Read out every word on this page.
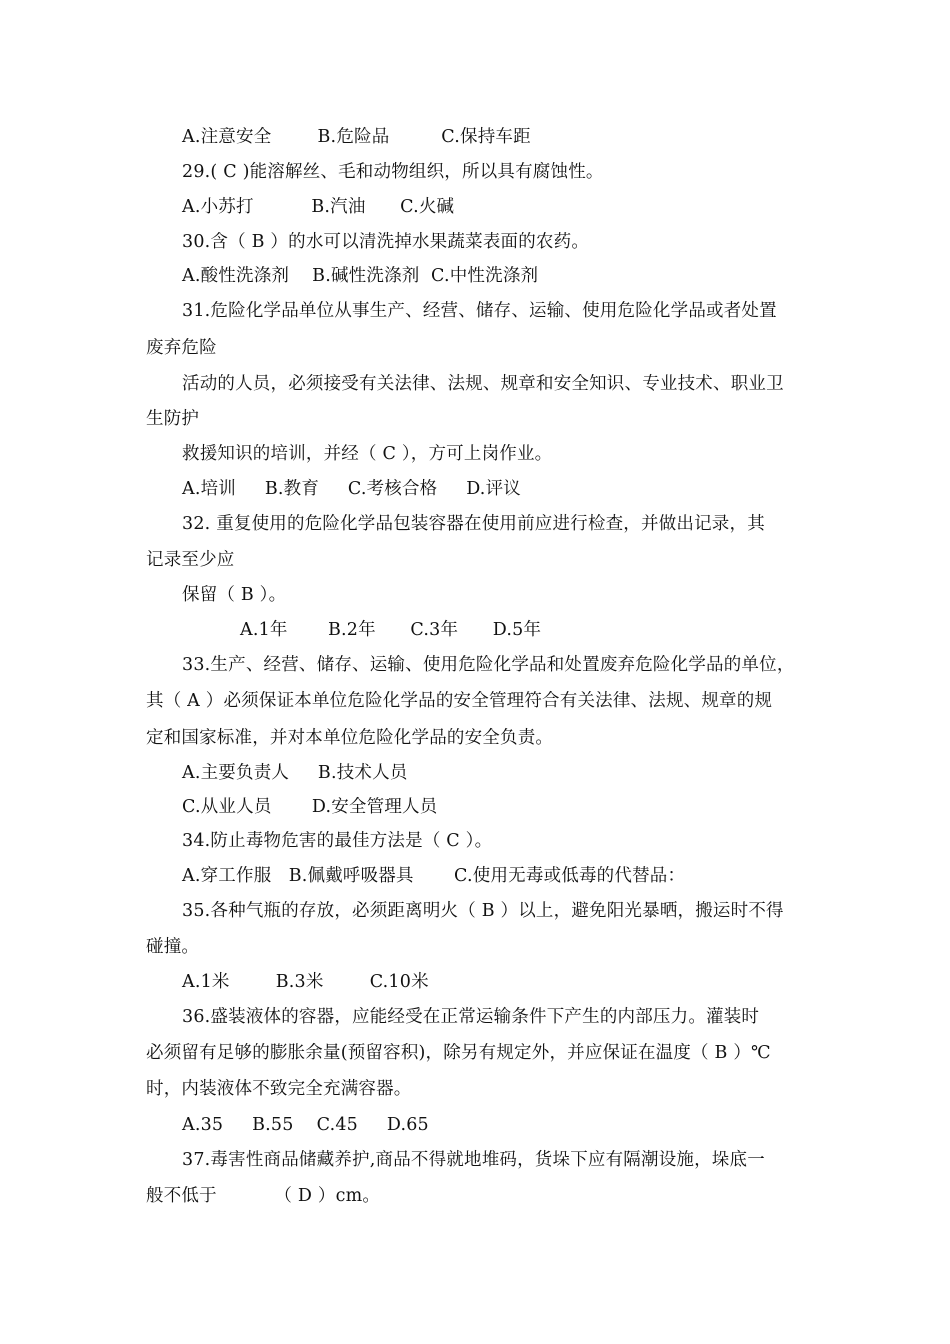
A.注意安全        B.危险品         C.保持车距
29.( C )能溶解丝、毛和动物组织，所以具有腐蚀性。
A.小苏打          B.汽油      C.火碱
30.含（ B ）的水可以清洗掉水果蔬菜表面的农药。
A.酸性洗涤剂    B.碱性洗涤剂  C.中性洗涤剂
31.危险化学品单位从事生产、经营、储存、运输、使用危险化学品或者处置
废弃危险
活动的人员，必须接受有关法律、法规、规章和安全知识、专业技术、职业卫
生防护
救援知识的培训，并经（ C ），方可上岗作业。
A.培训     B.教育     C.考核合格     D.评议
32. 重复使用的危险化学品包装容器在使用前应进行检查，并做出记录，其
记录至少应
保留（ B ）。
A.1年       B.2年      C.3年      D.5年
33.生产、经营、储存、运输、使用危险化学品和处置废弃危险化学品的单位，
其（ A ）必须保证本单位危险化学品的安全管理符合有关法律、法规、规章的规
定和国家标准，并对本单位危险化学品的安全负责。
A.主要负责人     B.技术人员
C.从业人员       D.安全管理人员
34.防止毒物危害的最佳方法是（ C ）。
A.穿工作服   B.佩戴呼吸器具       C.使用无毒或低毒的代替品：
35.各种气瓶的存放，必须距离明火（ B ）以上，避免阳光暴晒，搬运时不得
碰撞。
A.1米        B.3米        C.10米
36.盛装液体的容器，应能经受在正常运输条件下产生的内部压力。灌装时
必须留有足够的膨胀余量(预留容积)，除另有规定外，并应保证在温度（ B ）℃
时，内装液体不致完全充满容器。
A.35     B.55    C.45     D.65
37.毒害性商品储藏养护,商品不得就地堆码，货垛下应有隔潮设施，垛底一
般不低于          （ D ）cm。
